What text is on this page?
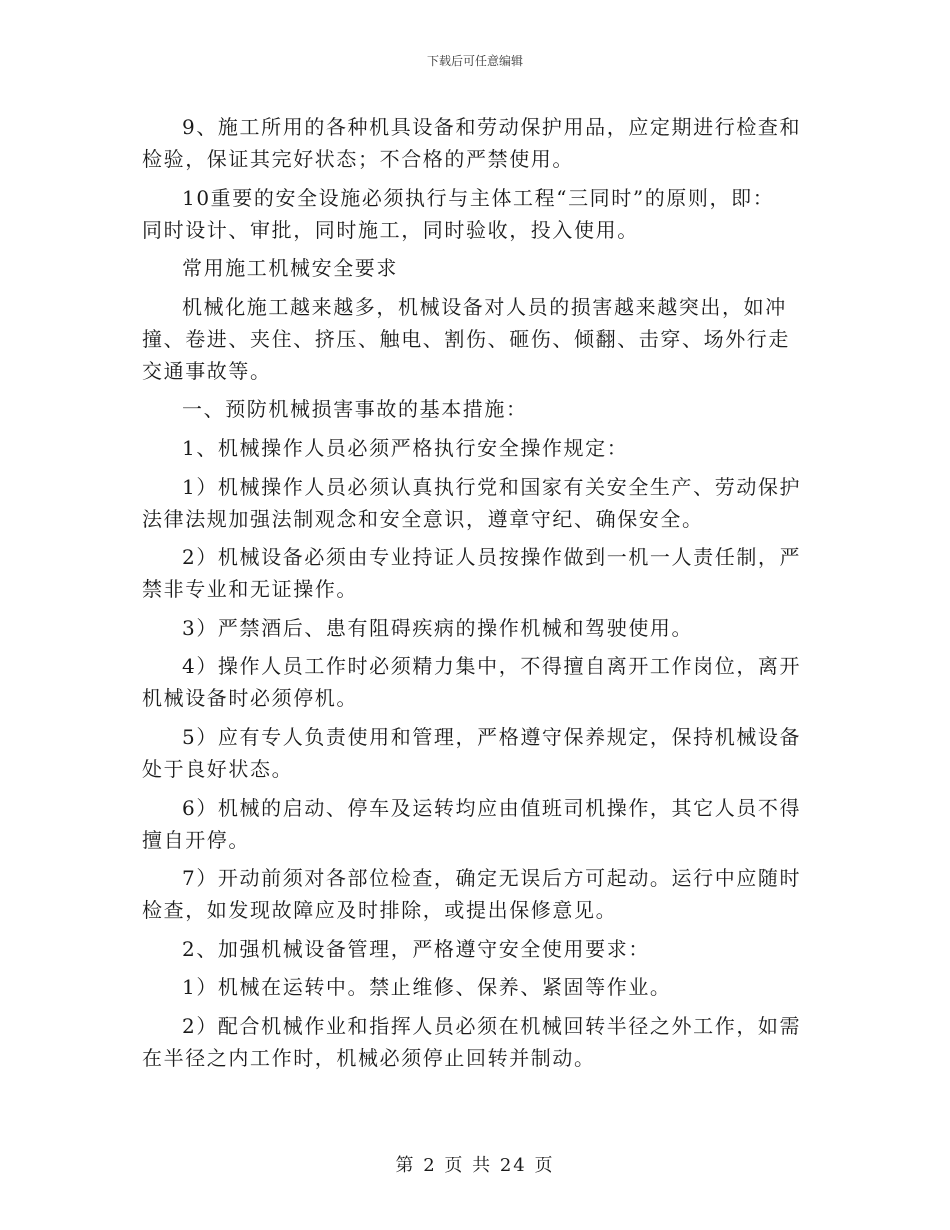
下载后可任意编辑

9、施工所用的各种机具设备和劳动保护用品，应定期进行检查和
检验，保证其完好状态；不合格的严禁使用。

10重要的安全设施必须执行与主体工程“三同时”的原则，即：
同时设计、审批，同时施工，同时验收，投入使用。

常用施工机械安全要求

机械化施工越来越多，机械设备对人员的损害越来越突出，如冲
撞、卷进、夹住、挤压、触电、割伤、砸伤、倾翻、击穿、场外行走
交通事故等。

一、预防机械损害事故的基本措施：

1、机械操作人员必须严格执行安全操作规定：

1）机械操作人员必须认真执行党和国家有关安全生产、劳动保护
法律法规加强法制观念和安全意识，遵章守纪、确保安全。

2）机械设备必须由专业持证人员按操作做到一机一人责任制，严
禁非专业和无证操作。

3）严禁酒后、患有阻碍疾病的操作机械和驾驶使用。

4）操作人员工作时必须精力集中，不得擅自离开工作岗位，离开
机械设备时必须停机。

5）应有专人负责使用和管理，严格遵守保养规定，保持机械设备
处于良好状态。

6）机械的启动、停车及运转均应由值班司机操作，其它人员不得
擅自开停。

7）开动前须对各部位检查，确定无误后方可起动。运行中应随时
检查，如发现故障应及时排除，或提出保修意见。

2、加强机械设备管理，严格遵守安全使用要求：

1）机械在运转中。禁止维修、保养、紧固等作业。

2）配合机械作业和指挥人员必须在机械回转半径之外工作，如需
在半径之内工作时，机械必须停止回转并制动。

第 2 页 共 24 页
